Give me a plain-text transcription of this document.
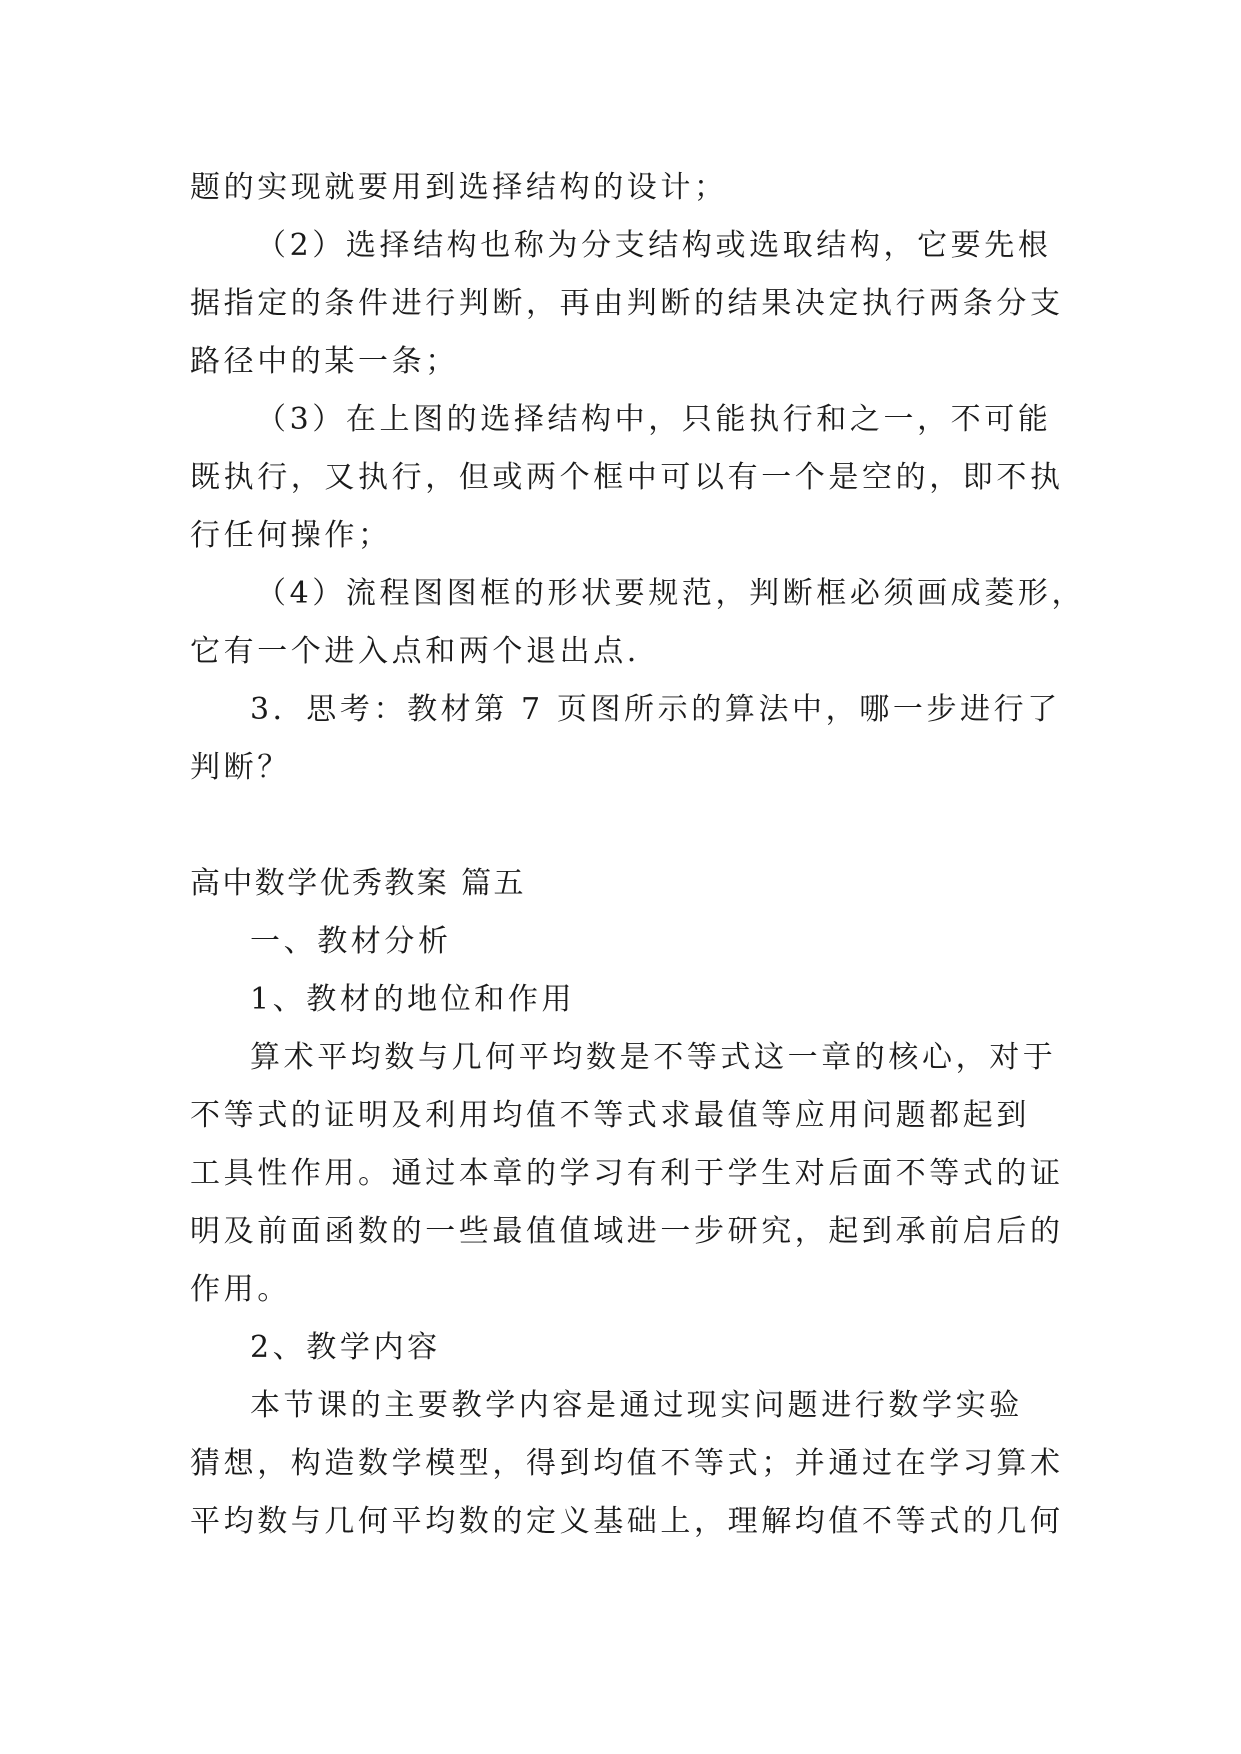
题的实现就要用到选择结构的设计；

（2）选择结构也称为分支结构或选取结构，它要先根

据指定的条件进行判断，再由判断的结果决定执行两条分支

路径中的某一条；

（3）在上图的选择结构中，只能执行和之一，不可能

既执行，又执行，但或两个框中可以有一个是空的，即不执

行任何操作；

（4）流程图图框的形状要规范，判断框必须画成菱形，

它有一个进入点和两个退出点.

3．思考：教材第 7 页图所示的算法中，哪一步进行了

判断？

高中数学优秀教案 篇五

一、教材分析

1、教材的地位和作用

算术平均数与几何平均数是不等式这一章的核心，对于

不等式的证明及利用均值不等式求最值等应用问题都起到

工具性作用。通过本章的学习有利于学生对后面不等式的证

明及前面函数的一些最值值域进一步研究，起到承前启后的

作用。

2、教学内容

本节课的主要教学内容是通过现实问题进行数学实验

猜想，构造数学模型，得到均值不等式；并通过在学习算术

平均数与几何平均数的定义基础上，理解均值不等式的几何
